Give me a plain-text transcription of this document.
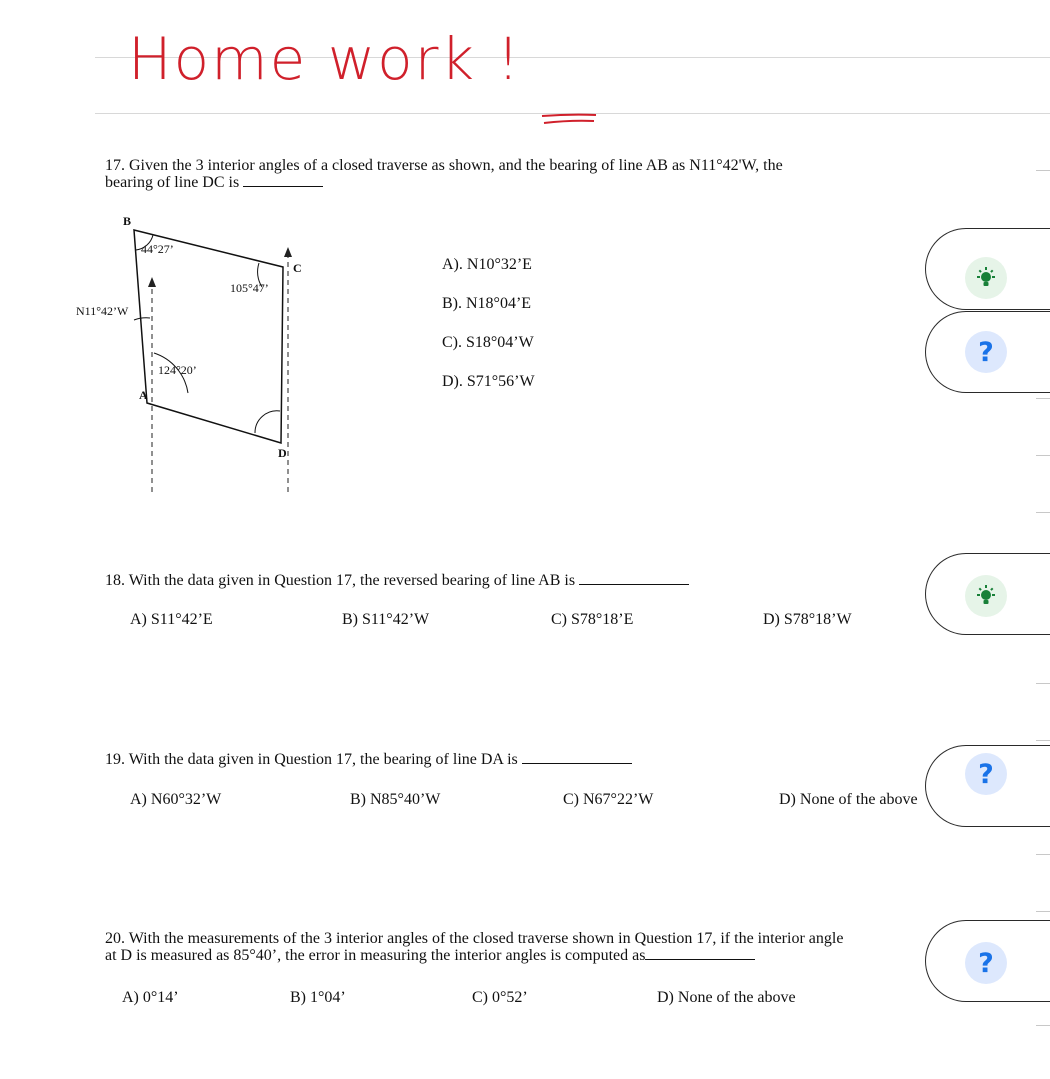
Home work !
17. Given the 3 interior angles of a closed traverse as shown, and the bearing of line AB as N11°42'W, the
bearing of line DC is
B
C
A
D
44°27’
105°47’
124°20’
N11°42’W
A). N10°32’E
B). N18°04’E
C). S18°04’W
D). S71°56’W
18. With the data given in Question 17, the reversed bearing of line AB is
A) S11°42’E	B) S11°42’W	C) S78°18’E	D) S78°18’W
19. With the data given in Question 17, the bearing of line DA is
A) N60°32’W	B) N85°40’W	C) N67°22’W	D) None of the above
20. With the measurements of the 3 interior angles of the closed traverse shown in Question 17, if the interior angle
at D is measured as 85°40’, the error in measuring the interior angles is computed as
A) 0°14’	B) 1°04’	C) 0°52’	D) None of the above
?
?
?
